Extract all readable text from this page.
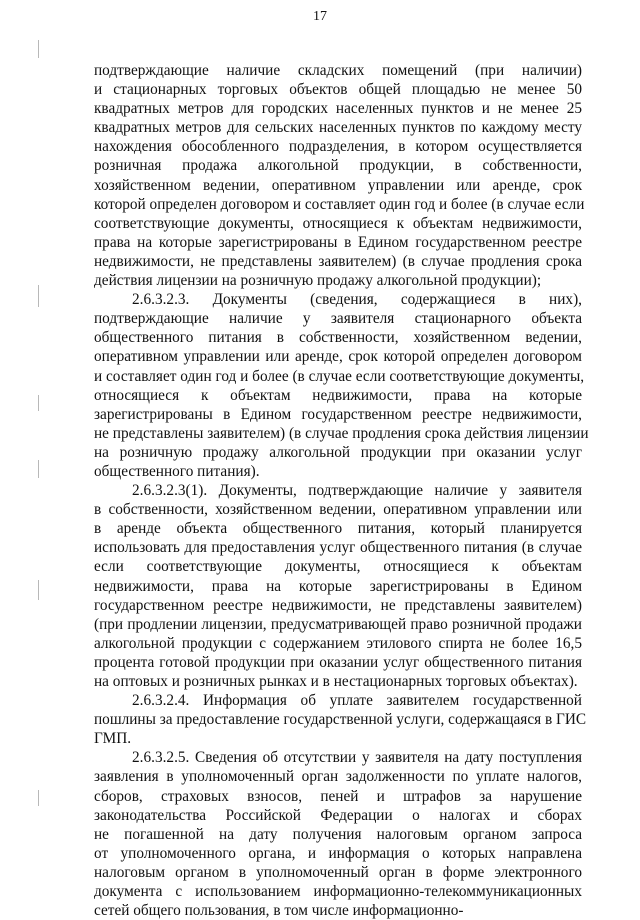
17

подтверждающие наличие складских помещений (при наличии)
и стационарных торговых объектов общей площадью не менее 50
квадратных метров для городских населенных пунктов и не менее 25
квадратных метров для сельских населенных пунктов по каждому месту
нахождения обособленного подразделения, в котором осуществляется
розничная продажа алкогольной продукции, в собственности,
хозяйственном ведении, оперативном управлении или аренде, срок
которой определен договором и составляет один год и более (в случае если
соответствующие документы, относящиеся к объектам недвижимости,
права на которые зарегистрированы в Едином государственном реестре
недвижимости, не представлены заявителем) (в случае продления срока
действия лицензии на розничную продажу алкогольной продукции);

2.6.3.2.3. Документы (сведения, содержащиеся в них),
подтверждающие наличие у заявителя стационарного объекта
общественного питания в собственности, хозяйственном ведении,
оперативном управлении или аренде, срок которой определен договором
и составляет один год и более (в случае если соответствующие документы,
относящиеся к объектам недвижимости, права на которые
зарегистрированы в Едином государственном реестре недвижимости,
не представлены заявителем) (в случае продления срока действия лицензии
на розничную продажу алкогольной продукции при оказании услуг
общественного питания).

2.6.3.2.3(1). Документы, подтверждающие наличие у заявителя
в собственности, хозяйственном ведении, оперативном управлении или
в аренде объекта общественного питания, который планируется
использовать для предоставления услуг общественного питания (в случае
если соответствующие документы, относящиеся к объектам
недвижимости, права на которые зарегистрированы в Едином
государственном реестре недвижимости, не представлены заявителем)
(при продлении лицензии, предусматривающей право розничной продажи
алкогольной продукции с содержанием этилового спирта не более 16,5
процента готовой продукции при оказании услуг общественного питания
на оптовых и розничных рынках и в нестационарных торговых объектах).

2.6.3.2.4. Информация об уплате заявителем государственной
пошлины за предоставление государственной услуги, содержащаяся в ГИС
ГМП.

2.6.3.2.5. Сведения об отсутствии у заявителя на дату поступления
заявления в уполномоченный орган задолженности по уплате налогов,
сборов, страховых взносов, пеней и штрафов за нарушение
законодательства Российской Федерации о налогах и сборах
не погашенной на дату получения налоговым органом запроса
от уполномоченного органа, и информация о которых направлена
налоговым органом в уполномоченный орган в форме электронного
документа с использованием информационно-телекоммуникационных
сетей общего пользования, в том числе информационно-
